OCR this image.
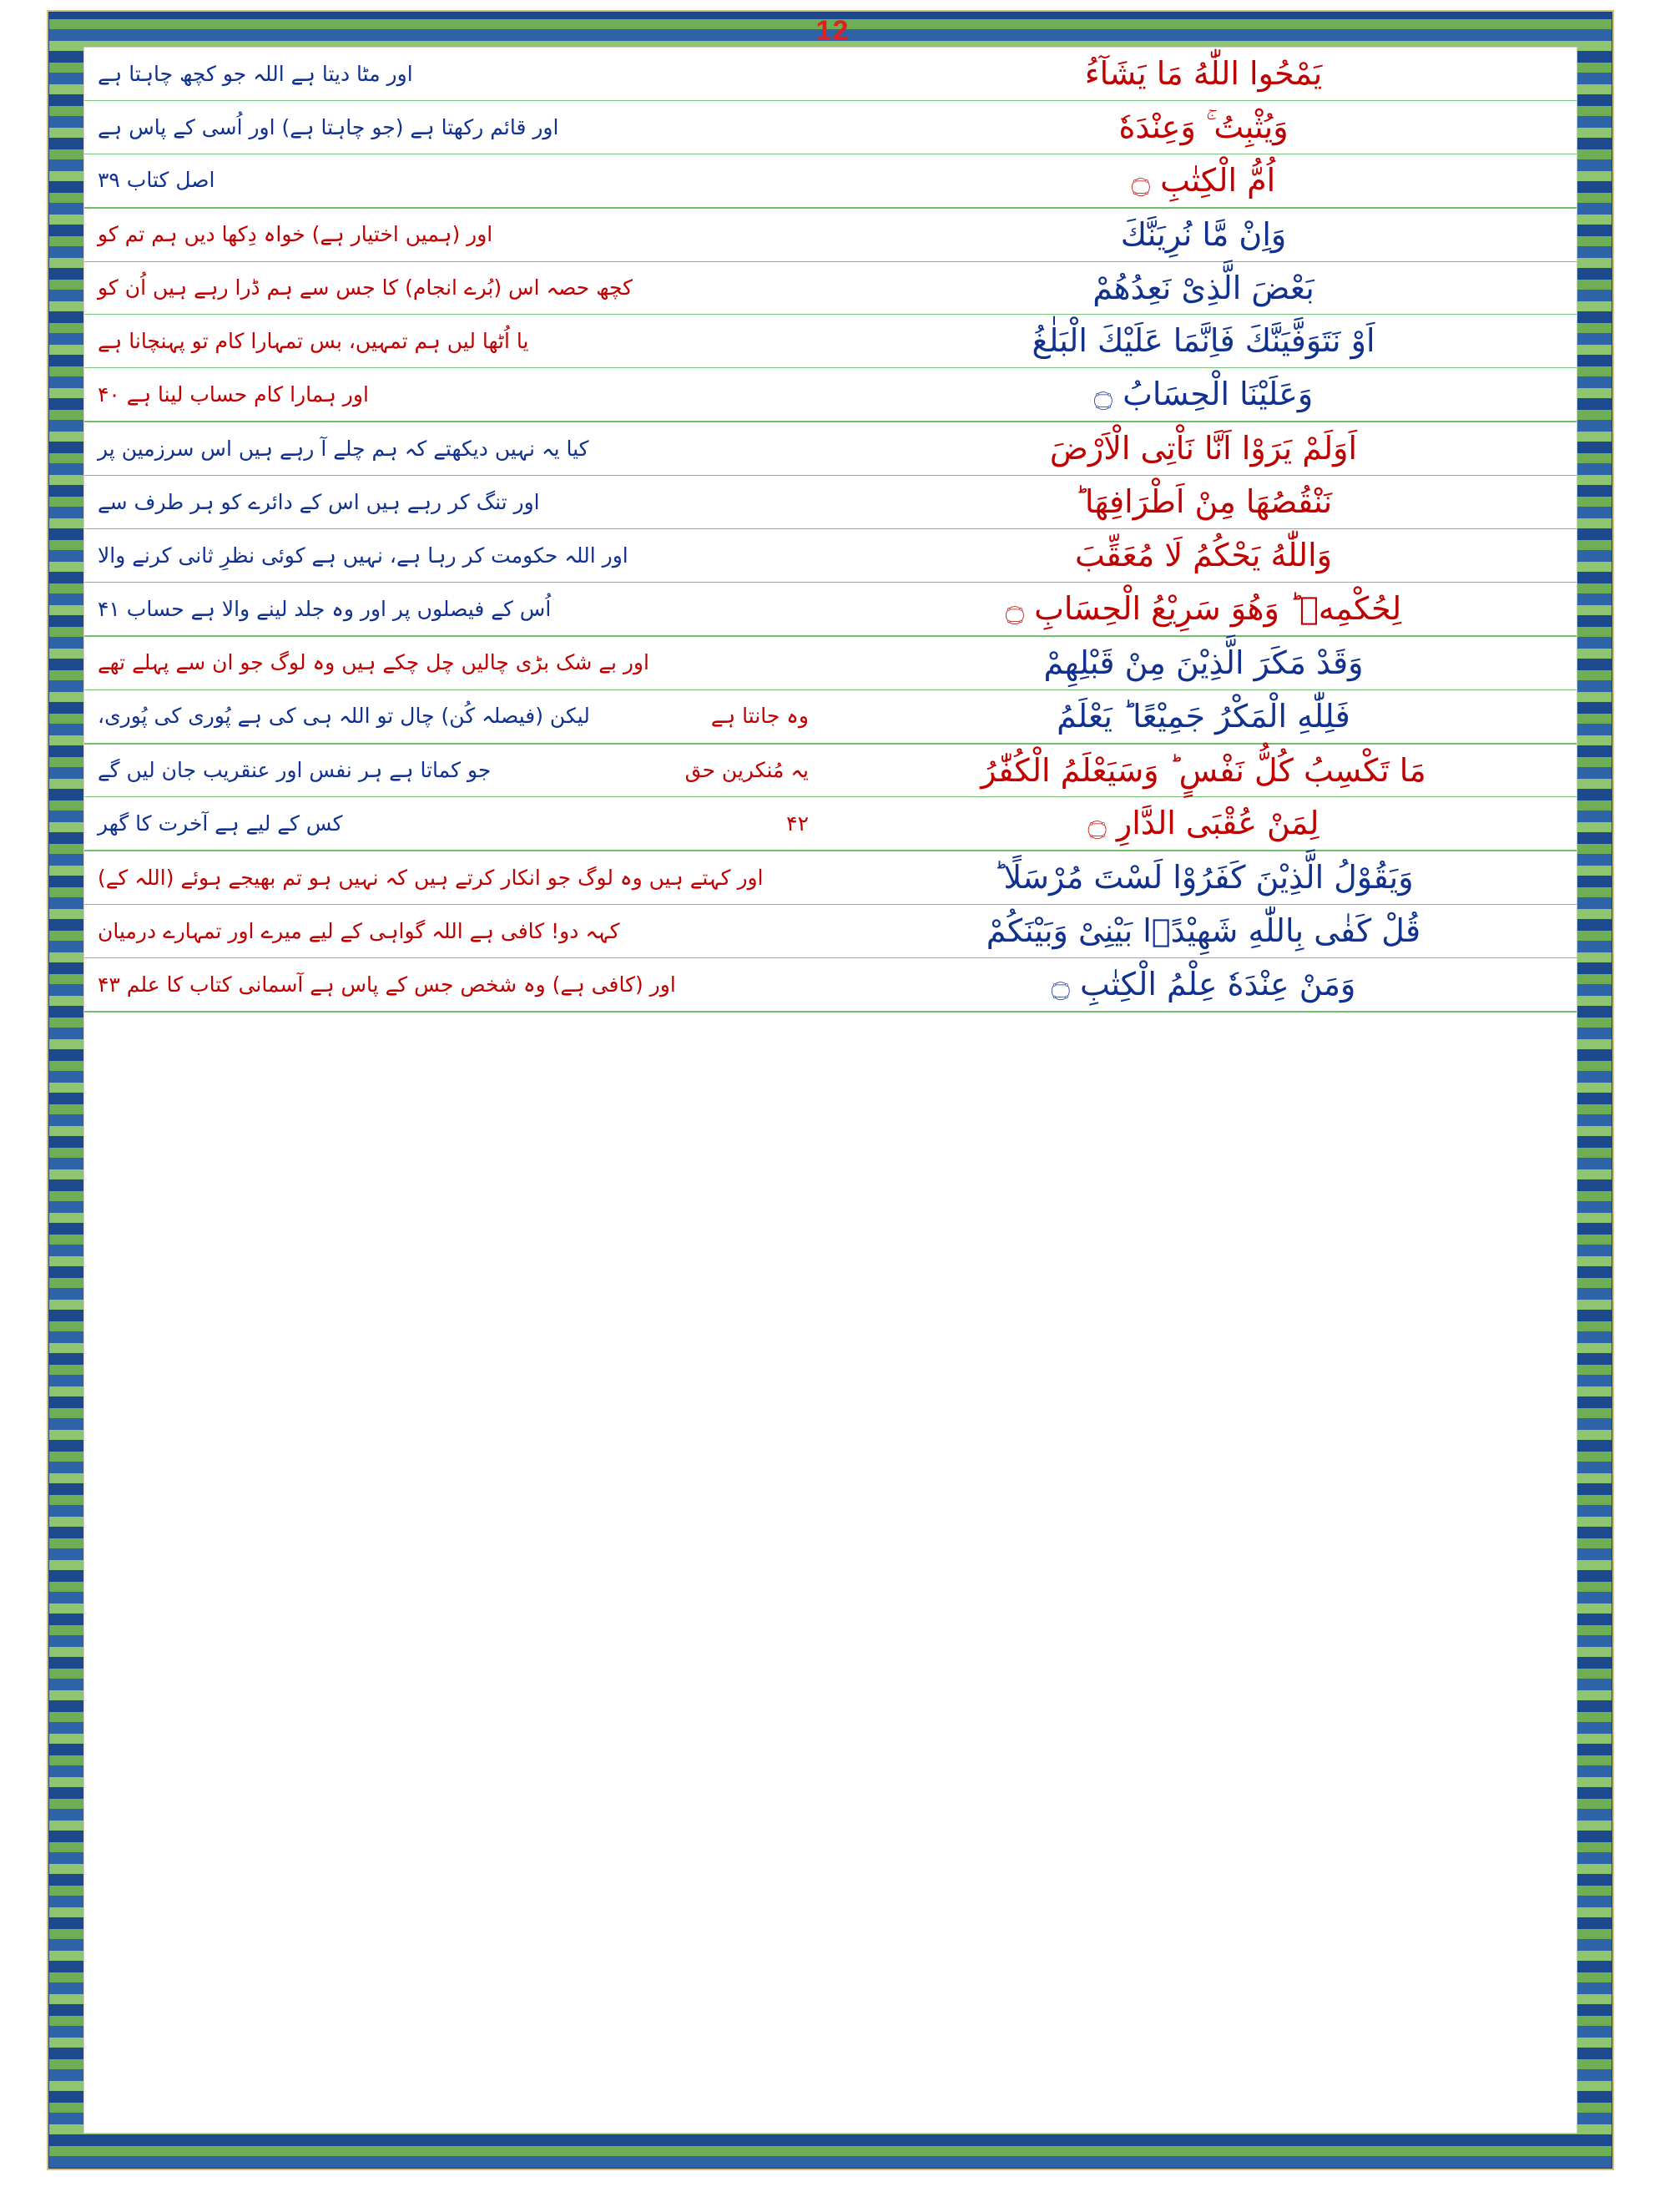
12
اور مٹا دیتا ہے اللہ جو کچھ چاہتا ہے	يَمْحُوا اللّٰهُ مَا يَشَآءُ
اور قائم رکھتا ہے (جو چاہتا ہے) اور اُسی کے پاس ہے	وَيُثْبِتُ ۚ وَعِنْدَهٗ
اصل کتاب ۳۹	اُمُّ الْكِتٰبِ ۝
اور (ہمیں اختیار ہے) خواہ دِکھا دیں ہم تم کو	وَاِنْ مَّا نُرِيَنَّكَ
کچھ حصہ اس (بُرے انجام) کا جس سے ہم ڈرا رہے ہیں اُن کو	بَعْضَ الَّذِىْ نَعِدُهُمْ
یا اُٹھا لیں ہم تمہیں، بس تمہارا کام تو پہنچانا ہے	اَوْ نَتَوَفَّيَنَّكَ فَاِنَّمَا عَلَيْكَ الْبَلٰغُ
اور ہمارا کام حساب لینا ہے ۴۰	وَعَلَيْنَا الْحِسَابُ ۝
کیا یہ نہیں دیکھتے کہ ہم چلے آ رہے ہیں اس سرزمین پر	اَوَلَمْ يَرَوْا اَنَّا نَاْتِى الْاَرْضَ
اور تنگ کر رہے ہیں اس کے دائرے کو ہر طرف سے	نَنْقُصُهَا مِنْ اَطْرَافِهَا ؕ
اور اللہ حکومت کر رہا ہے، نہیں ہے کوئی نظرِ ثانی کرنے والا	وَاللّٰهُ يَحْكُمُ لَا مُعَقِّبَ
اُس کے فیصلوں پر اور وہ جلد لینے والا ہے حساب ۴۱	لِحُكْمِهٖ ؕ وَهُوَ سَرِيْعُ الْحِسَابِ ۝
اور بے شک بڑی چالیں چل چکے ہیں وہ لوگ جو ان سے پہلے تھے	وَقَدْ مَكَرَ الَّذِيْنَ مِنْ قَبْلِهِمْ
لیکن (فیصلہ کُن) چال تو اللہ ہی کی ہے پُوری کی پُوری،	وہ جانتا ہے	فَلِلّٰهِ الْمَكْرُ جَمِيْعًا ؕ يَعْلَمُ
جو کماتا ہے ہر نفس اور عنقریب جان لیں گے	یہ مُنکرین حق	مَا تَكْسِبُ كُلُّ نَفْسٍ ؕ وَسَيَعْلَمُ الْكُفّٰرُ
کس کے لیے ہے آخرت کا گھر	۴۲	لِمَنْ عُقْبَى الدَّارِ ۝
اور کہتے ہیں وہ لوگ جو انکار کرتے ہیں کہ نہیں ہو تم بھیجے ہوئے (اللہ کے)	وَيَقُوْلُ الَّذِيْنَ كَفَرُوْا لَسْتَ مُرْسَلًا ؕ
کہہ دو! کافی ہے اللہ گواہی کے لیے میرے اور تمہارے درمیان	قُلْ كَفٰى بِاللّٰهِ شَهِيْدًۢا بَيْنِىْ وَبَيْنَكُمْ
اور (کافی ہے) وہ شخص جس کے پاس ہے آسمانی کتاب کا علم ۴۳	وَمَنْ عِنْدَهٗ عِلْمُ الْكِتٰبِ ۝
